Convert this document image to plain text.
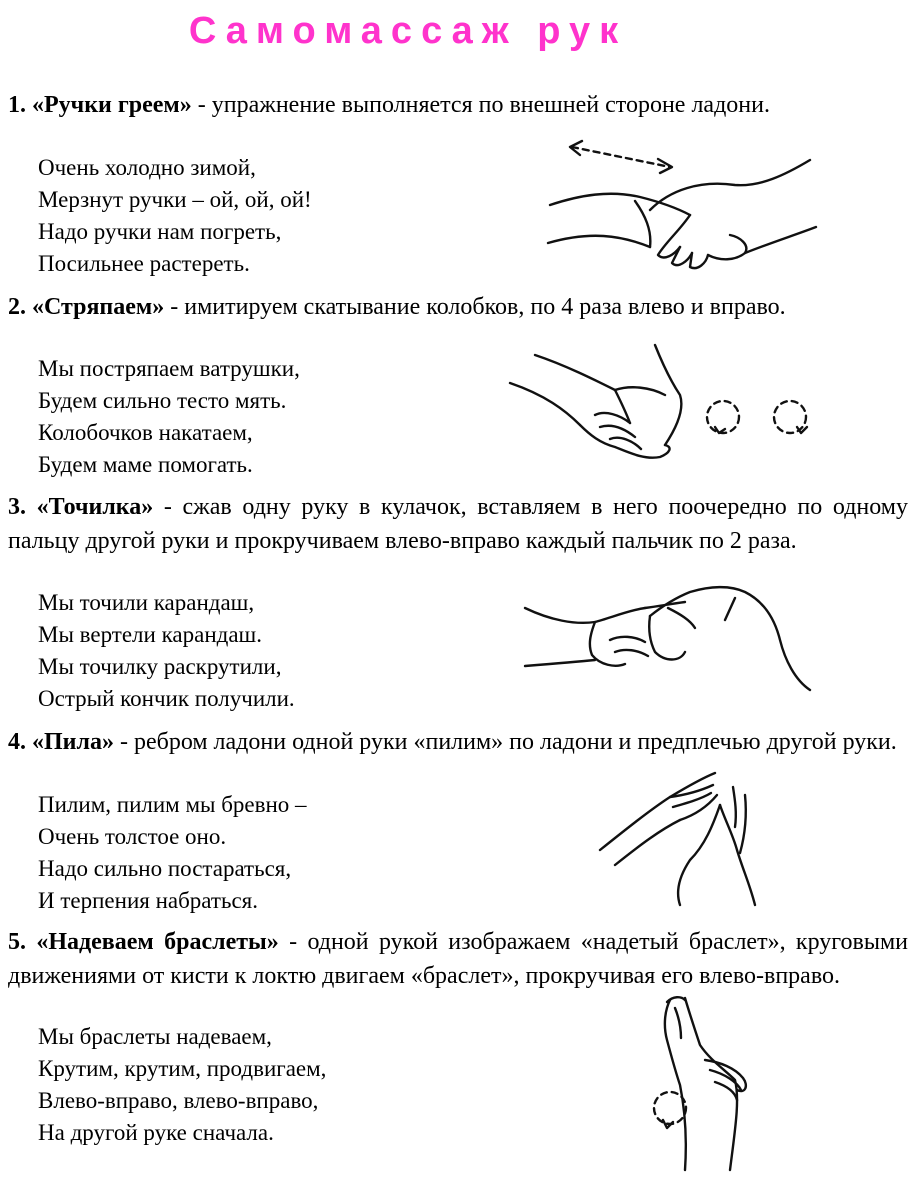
Самомассаж рук
1. «Ручки греем» - упражнение выполняется по внешней стороне ладони.
Очень холодно зимой,
Мерзнут ручки – ой, ой, ой!
Надо ручки нам погреть,
Посильнее растереть.
2. «Стряпаем» - имитируем скатывание колобков, по 4 раза влево и вправо.
Мы постряпаем ватрушки,
Будем сильно тесто мять.
Колобочков накатаем,
Будем маме помогать.
3. «Точилка» - сжав одну руку в кулачок, вставляем в него поочередно по одному пальцу другой руки и прокручиваем влево-вправо каждый пальчик по 2 раза.
Мы точили карандаш,
Мы вертели карандаш.
Мы точилку раскрутили,
Острый кончик получили.
4. «Пила» - ребром ладони одной руки «пилим» по ладони и предплечью другой руки.
Пилим, пилим мы бревно –
Очень толстое оно.
Надо сильно постараться,
И терпения набраться.
5. «Надеваем браслеты» - одной рукой изображаем «надетый браслет», круговыми движениями от кисти к локтю двигаем «браслет», прокручивая его влево-вправо.
Мы браслеты надеваем,
Крутим, крутим, продвигаем,
Влево-вправо, влево-вправо,
На другой руке сначала.
